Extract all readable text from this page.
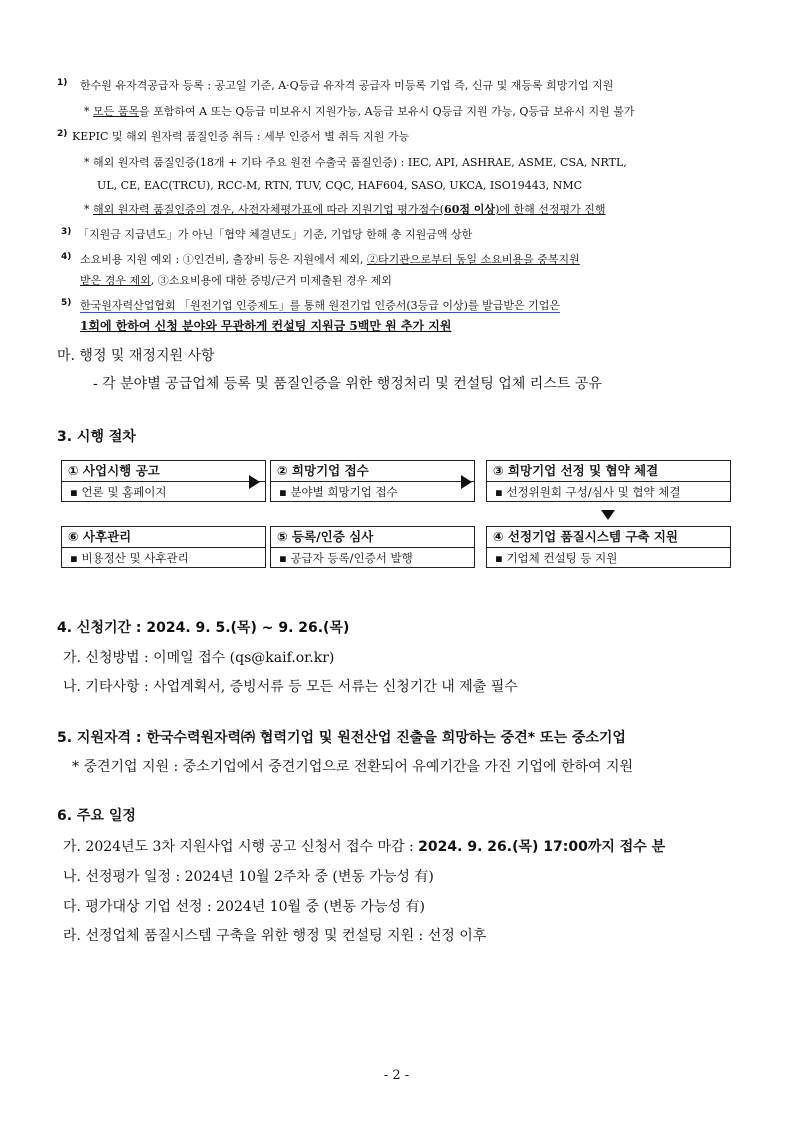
1) 한수원 유자격공급자 등록 : 공고일 기준, A·Q등급 유자격 공급자 미등록 기업 즉, 신규 및 재등록 희망기업 지원
* 모든 품목을 포함하여 A 또는 Q등급 미보유시 지원가능, A등급 보유시 Q등급 지원 가능, Q등급 보유시 지원 불가
2) KEPIC 및 해외 원자력 품질인증 취득 : 세부 인증서 별 취득 지원 가능
* 해외 원자력 품질인증(18개 + 기타 주요 원전 수출국 품질인증) : IEC, API, ASHRAE, ASME, CSA, NRTL,
UL, CE, EAC(TRCU), RCC-M, RTN, TUV, CQC, HAF604, SASO, UKCA, ISO19443, NMC
* 해외 원자력 품질인증의 경우, 사전자체평가표에 따라 지원기업 평가점수(60점 이상)에 한해 선정평가 진행
3) 「지원금 지급년도」가 아닌「협약 체결년도」기준, 기업당 한해 총 지원금액 상한
4) 소요비용 지원 예외 : ①인건비, 출장비 등은 지원에서 제외, ②타기관으로부터 동일 소요비용을 중복지원
받은 경우 제외, ③소요비용에 대한 증빙/근거 미제출된 경우 제외
5) 한국원자력산업협회 「원전기업 인증제도」를 통해 원전기업 인증서(3등급 이상)를 발급받은 기업은
1회에 한하여 신청 분야와 무관하게 컨설팅 지원금 5백만 원 추가 지원
마. 행정 및 재정지원 사항
- 각 분야별 공급업체 등록 및 품질인증을 위한 행정처리 및 컨설팅 업체 리스트 공유
3. 시행 절차
① 사업시행 공고
▪ 언론 및 홈페이지
② 희망기업 접수
▪ 분야별 희망기업 접수
③ 희망기업 선정 및 협약 체결
▪ 선정위원회 구성/심사 및 협약 체결
④ 선정기업 품질시스템 구축 지원
▪ 기업체 컨설팅 등 지원
⑤ 등록/인증 심사
▪ 공급자 등록/인증서 발행
⑥ 사후관리
▪ 비용정산 및 사후관리
4. 신청기간 : 2024. 9. 5.(목) ~ 9. 26.(목)
가. 신청방법 : 이메일 접수 (qs@kaif.or.kr)
나. 기타사항 : 사업계획서, 증빙서류 등 모든 서류는 신청기간 내 제출 필수
5. 지원자격 : 한국수력원자력㈜ 협력기업 및 원전산업 진출을 희망하는 중견* 또는 중소기업
* 중견기업 지원 : 중소기업에서 중견기업으로 전환되어 유예기간을 가진 기업에 한하여 지원
6. 주요 일정
가. 2024년도 3차 지원사업 시행 공고 신청서 접수 마감 : 2024. 9. 26.(목) 17:00까지 접수 분
나. 선정평가 일정 : 2024년 10월 2주차 중 (변동 가능성 有)
다. 평가대상 기업 선정 : 2024년 10월 중 (변동 가능성 有)
라. 선정업체 품질시스템 구축을 위한 행정 및 컨설팅 지원 : 선정 이후
- 2 -
